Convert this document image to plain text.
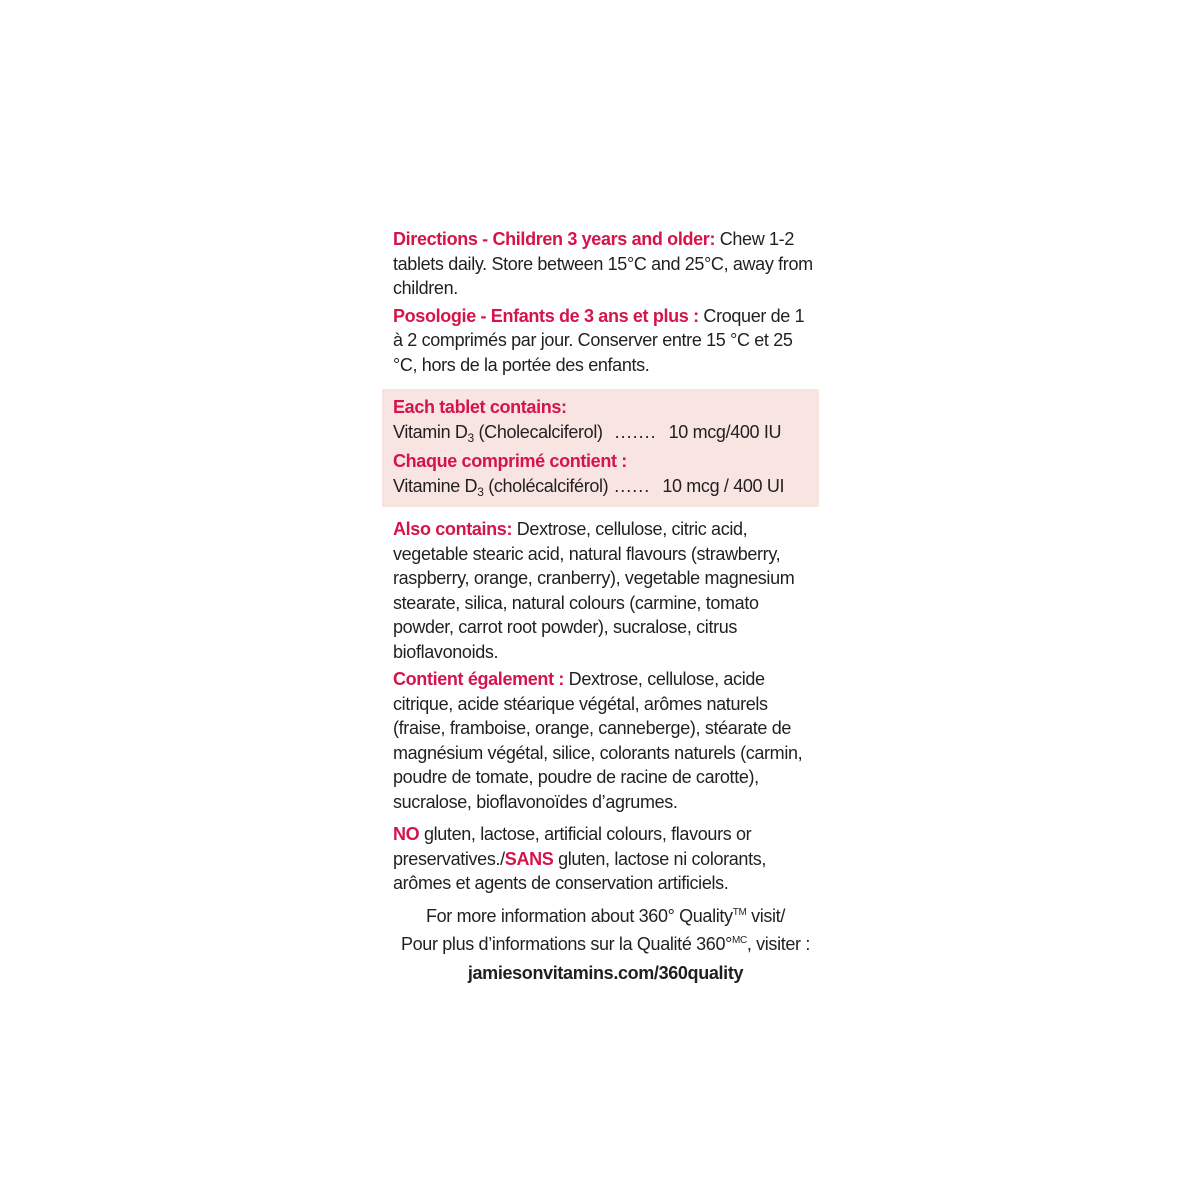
Directions - Children 3 years and older: Chew 1-2 tablets daily. Store between 15°C and 25°C, away from children.

Posologie - Enfants de 3 ans et plus : Croquer de 1 à 2 comprimés par jour. Conserver entre 15 °C et 25 °C, hors de la portée des enfants.

Each tablet contains:
Vitamin $D_3$ (Cholecalciferol)  .......  10 mcg/400 IU
Chaque comprimé contient :
Vitamine $D_3$ (cholécalciférol) ......  10 mcg / 400 UI

Also contains: Dextrose, cellulose, citric acid, vegetable stearic acid, natural flavours (strawberry, raspberry, orange, cranberry), vegetable magnesium stearate, silica, natural colours (carmine, tomato powder, carrot root powder), sucralose, citrus bioflavonoids.

Contient également : Dextrose, cellulose, acide citrique, acide stéarique végétal, arômes naturels (fraise, framboise, orange, canneberge), stéarate de magnésium végétal, silice, colorants naturels (carmin, poudre de tomate, poudre de racine de carotte), sucralose, bioflavonoïdes d’agrumes.

NO gluten, lactose, artificial colours, flavours or preservatives./SANS gluten, lactose ni colorants, arômes et agents de conservation artificiels.

For more information about 360° Quality™ visit/
Pour plus d’informations sur la Qualité 360°$^{MC}$, visiter :
jamiesonvitamins.com/360quality
